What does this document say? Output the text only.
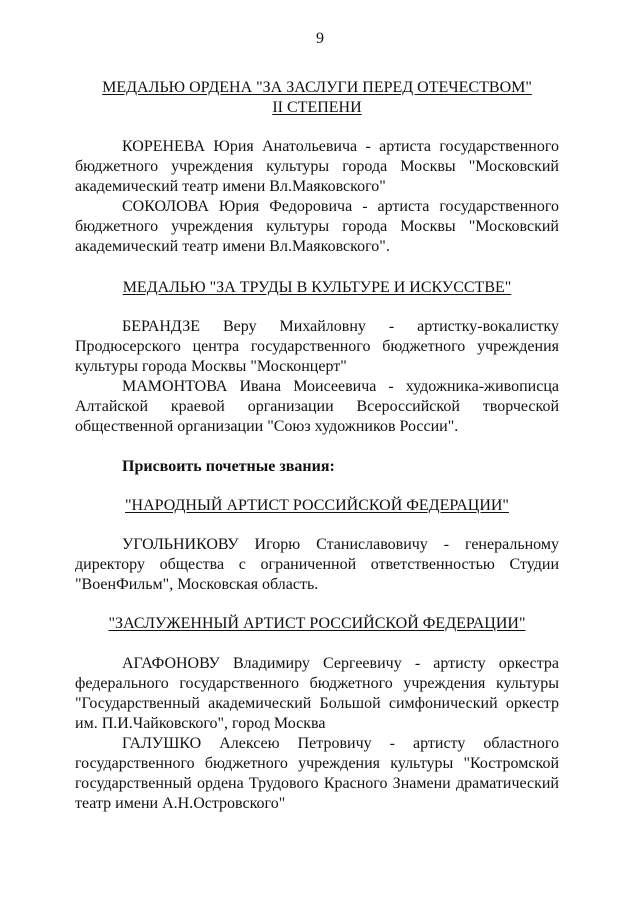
9
МЕДАЛЬЮ ОРДЕНА "ЗА ЗАСЛУГИ ПЕРЕД ОТЕЧЕСТВОМ"
II СТЕПЕНИ

КОРЕНЕВА Юрия Анатольевича - артиста государственного бюджетного учреждения культуры города Москвы "Московский академический театр имени Вл.Маяковского"

СОКОЛОВА Юрия Федоровича - артиста государственного бюджетного учреждения культуры города Москвы "Московский академический театр имени Вл.Маяковского".

МЕДАЛЬЮ "ЗА ТРУДЫ В КУЛЬТУРЕ И ИСКУССТВЕ"

БЕРАНДЗЕ Веру Михайловну - артистку-вокалистку Продюсерского центра государственного бюджетного учреждения культуры города Москвы "Москонцерт"

МАМОНТОВА Ивана Моисеевича - художника-живописца Алтайской краевой организации Всероссийской творческой общественной организации "Союз художников России".

Присвоить почетные звания:

"НАРОДНЫЙ АРТИСТ РОССИЙСКОЙ ФЕДЕРАЦИИ"

УГОЛЬНИКОВУ Игорю Станиславовичу - генеральному директору общества с ограниченной ответственностью Студии "ВоенФильм", Московская область.

"ЗАСЛУЖЕННЫЙ АРТИСТ РОССИЙСКОЙ ФЕДЕРАЦИИ"

АГАФОНОВУ Владимиру Сергеевичу - артисту оркестра федерального государственного бюджетного учреждения культуры "Государственный академический Большой симфонический оркестр им. П.И.Чайковского", город Москва

ГАЛУШКО Алексею Петровичу - артисту областного государственного бюджетного учреждения культуры "Костромской государственный ордена Трудового Красного Знамени драматический театр имени А.Н.Островского"
